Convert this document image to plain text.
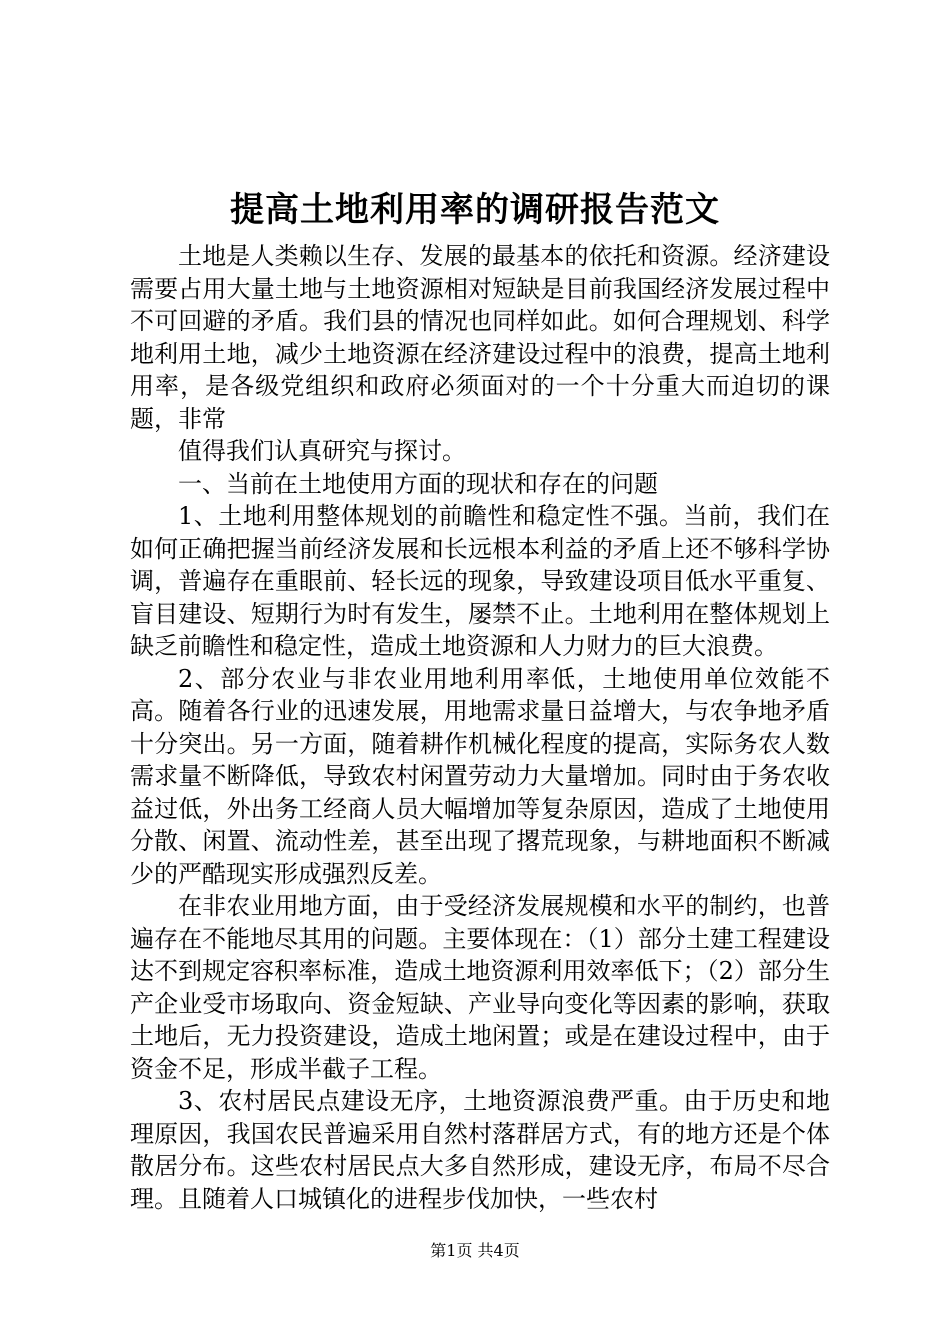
提高土地利用率的调研报告范文

土地是人类赖以生存、发展的最基本的依托和资源。经济建设需要占用大量土地与土地资源相对短缺是目前我国经济发展过程中不可回避的矛盾。我们县的情况也同样如此。如何合理规划、科学地利用土地，减少土地资源在经济建设过程中的浪费，提高土地利用率，是各级党组织和政府必须面对的一个十分重大而迫切的课题，非常

值得我们认真研究与探讨。

一、当前在土地使用方面的现状和存在的问题

1、土地利用整体规划的前瞻性和稳定性不强。当前，我们在如何正确把握当前经济发展和长远根本利益的矛盾上还不够科学协调，普遍存在重眼前、轻长远的现象，导致建设项目低水平重复、盲目建设、短期行为时有发生，屡禁不止。土地利用在整体规划上缺乏前瞻性和稳定性，造成土地资源和人力财力的巨大浪费。

2、部分农业与非农业用地利用率低，土地使用单位效能不高。随着各行业的迅速发展，用地需求量日益增大，与农争地矛盾十分突出。另一方面，随着耕作机械化程度的提高，实际务农人数需求量不断降低，导致农村闲置劳动力大量增加。同时由于务农收益过低，外出务工经商人员大幅增加等复杂原因，造成了土地使用分散、闲置、流动性差，甚至出现了撂荒现象，与耕地面积不断减少的严酷现实形成强烈反差。

在非农业用地方面，由于受经济发展规模和水平的制约，也普遍存在不能地尽其用的问题。主要体现在：（1）部分土建工程建设达不到规定容积率标准，造成土地资源利用效率低下；（2）部分生产企业受市场取向、资金短缺、产业导向变化等因素的影响，获取土地后，无力投资建设，造成土地闲置；或是在建设过程中，由于资金不足，形成半截子工程。

3、农村居民点建设无序，土地资源浪费严重。由于历史和地理原因，我国农民普遍采用自然村落群居方式，有的地方还是个体散居分布。这些农村居民点大多自然形成，建设无序，布局不尽合理。且随着人口城镇化的进程步伐加快，一些农村

第1页 共4页
